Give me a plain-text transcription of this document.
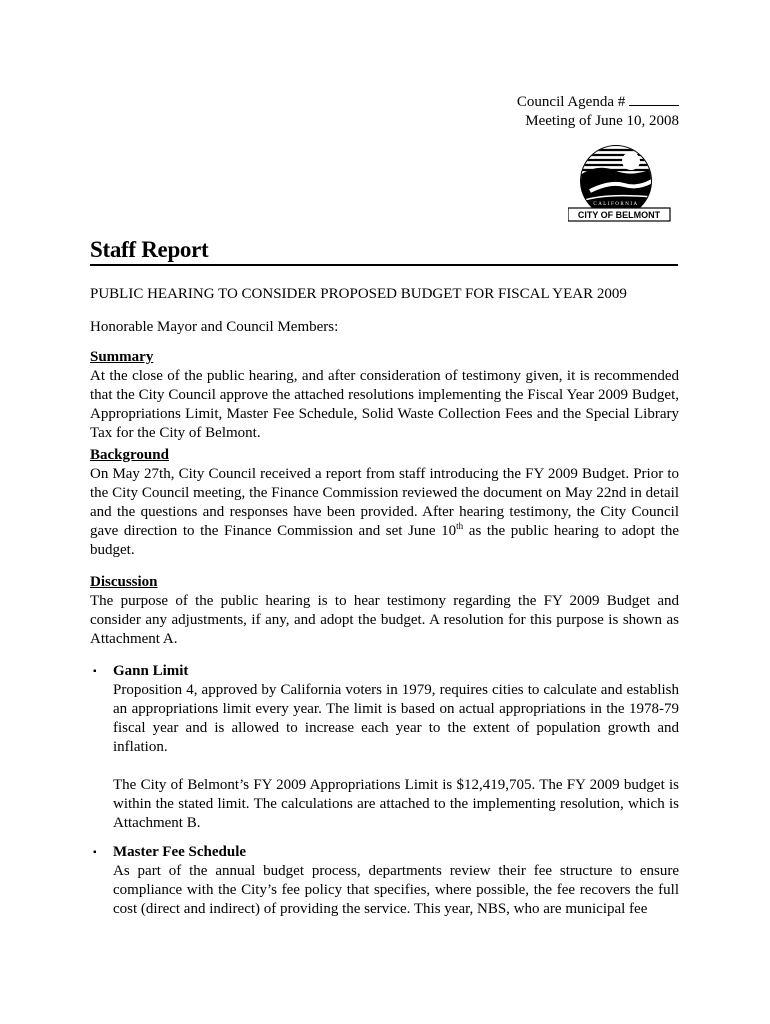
Council Agenda #
Meeting of June 10, 2008
CALIFORNIA
CITY OF BELMONT
Staff Report
PUBLIC HEARING TO CONSIDER PROPOSED BUDGET FOR FISCAL YEAR 2009
Honorable Mayor and Council Members:
Summary
At the close of the public hearing, and after consideration of testimony given, it is recommended that the City Council approve the attached resolutions implementing the Fiscal Year 2009 Budget, Appropriations Limit, Master Fee Schedule, Solid Waste Collection Fees and the Special Library Tax for the City of Belmont.
Background
On May 27th, City Council received a report from staff introducing the FY 2009 Budget. Prior to the City Council meeting, the Finance Commission reviewed the document on May 22nd in detail and the questions and responses have been provided. After hearing testimony, the City Council gave direction to the Finance Commission and set June 10th as the public hearing to adopt the budget.
Discussion
The purpose of the public hearing is to hear testimony regarding the FY 2009 Budget and consider any adjustments, if any, and adopt the budget. A resolution for this purpose is shown as Attachment A.
▪ Gann Limit
Proposition 4, approved by California voters in 1979, requires cities to calculate and establish an appropriations limit every year. The limit is based on actual appropriations in the 1978-79 fiscal year and is allowed to increase each year to the extent of population growth and inflation.
The City of Belmont’s FY 2009 Appropriations Limit is $12,419,705. The FY 2009 budget is within the stated limit. The calculations are attached to the implementing resolution, which is Attachment B.
▪ Master Fee Schedule
As part of the annual budget process, departments review their fee structure to ensure compliance with the City’s fee policy that specifies, where possible, the fee recovers the full cost (direct and indirect) of providing the service. This year, NBS, who are municipal fee
